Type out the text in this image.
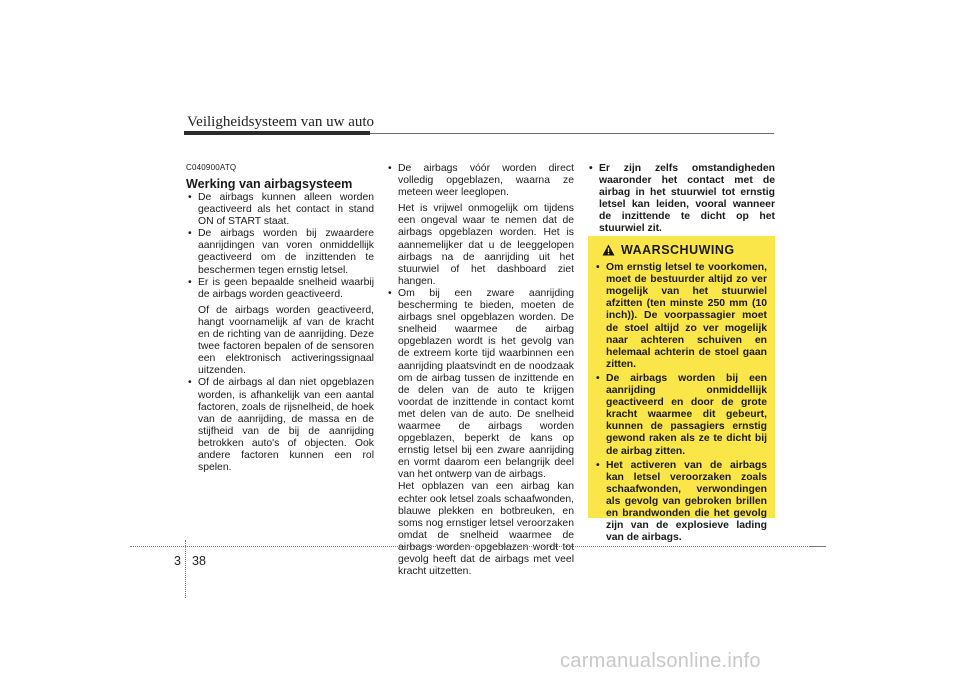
Veiligheidsysteem van uw auto
C040900ATQ
Werking van airbagsysteem
• De airbags kunnen alleen worden geactiveerd als het contact in stand ON of START staat.
• De airbags worden bij zwaardere aanrijdingen van voren onmiddellijk geactiveerd om de inzittenden te beschermen tegen ernstig letsel.
• Er is geen bepaalde snelheid waarbij de airbags worden geactiveerd.
Of de airbags worden geactiveerd, hangt voornamelijk af van de kracht en de richting van de aanrijding. Deze twee factoren bepalen of de sensoren een elektronisch activeringssignaal uitzenden.
• Of de airbags al dan niet opgeblazen worden, is afhankelijk van een aantal factoren, zoals de rijsnelheid, de hoek van de aanrijding, de massa en de stijfheid van de bij de aanrijding betrokken auto's of objecten. Ook andere factoren kunnen een rol spelen.
• De airbags vóór worden direct volledig opgeblazen, waarna ze meteen weer leeglopen.
Het is vrijwel onmogelijk om tijdens een ongeval waar te nemen dat de airbags opgeblazen worden. Het is aannemelijker dat u de leeggelopen airbags na de aanrijding uit het stuurwiel of het dashboard ziet hangen.
• Om bij een zware aanrijding bescherming te bieden, moeten de airbags snel opgeblazen worden. De snelheid waarmee de airbag opgeblazen wordt is het gevolg van de extreem korte tijd waarbinnen een aanrijding plaatsvindt en de noodzaak om de airbag tussen de inzittende en de delen van de auto te krijgen voordat de inzittende in contact komt met delen van de auto. De snelheid waarmee de airbags worden opgeblazen, beperkt de kans op ernstig letsel bij een zware aanrijding en vormt daarom een belangrijk deel van het ontwerp van de airbags.
Het opblazen van een airbag kan echter ook letsel zoals schaafwonden, blauwe plekken en botbreuken, en soms nog ernstiger letsel veroorzaken omdat de snelheid waarmee de airbags worden opgeblazen wordt tot gevolg heeft dat de airbags met veel kracht uitzetten.
• Er zijn zelfs omstandigheden waaronder het contact met de airbag in het stuurwiel tot ernstig letsel kan leiden, vooral wanneer de inzittende te dicht op het stuurwiel zit.
WAARSCHUWING
• Om ernstig letsel te voorkomen, moet de bestuurder altijd zo ver mogelijk van het stuurwiel afzitten (ten minste 250 mm (10 inch)). De voorpassagier moet de stoel altijd zo ver mogelijk naar achteren schuiven en helemaal achterin de stoel gaan zitten.
• De airbags worden bij een aanrijding onmiddellijk geactiveerd en door de grote kracht waarmee dit gebeurt, kunnen de passagiers ernstig gewond raken als ze te dicht bij de airbag zitten.
• Het activeren van de airbags kan letsel veroorzaken zoals schaafwonden, verwondingen als gevolg van gebroken brillen en brandwonden die het gevolg zijn van de explosieve lading van de airbags.
3 38
carmanualsonline.info
